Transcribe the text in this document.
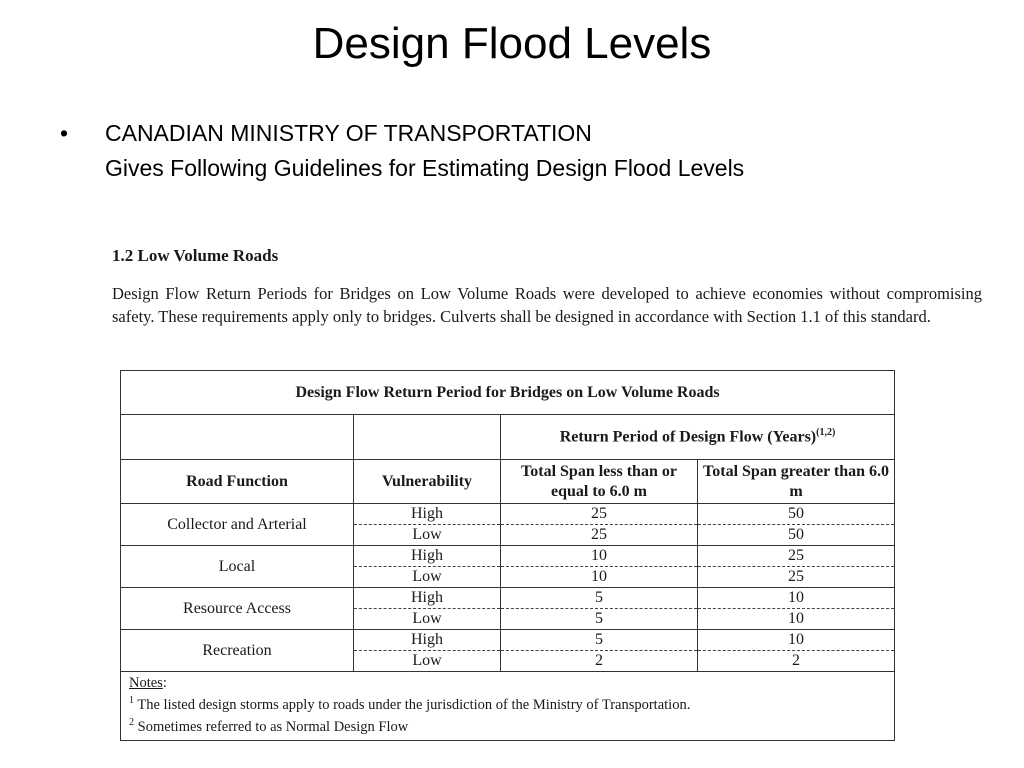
Design Flood Levels
•	CANADIAN MINISTRY OF TRANSPORTATION
Gives Following Guidelines for Estimating Design Flood Levels
1.2 Low Volume Roads
Design Flow Return Periods for Bridges on Low Volume Roads were developed to achieve economies without compromising safety. These requirements apply only to bridges. Culverts shall be designed in accordance with Section 1.1 of this standard.
Design Flow Return Period for Bridges on Low Volume Roads			
		Return Period of Design Flow (Years)$^{(1,2)}$
Road Function	Vulnerability	Total Span less than or equal to 6.0 m	Total Span greater than 6.0 m
Collector and Arterial	High	25	50
	Low	25	50
Local	High	10	25
	Low	10	25
Resource Access	High	5	10
	Low	5	10
Recreation	High	5	10
	Low	2	2

Notes:
$^1$ The listed design storms apply to roads under the jurisdiction of the Ministry of Transportation.
$^2$ Sometimes referred to as Normal Design Flow			
